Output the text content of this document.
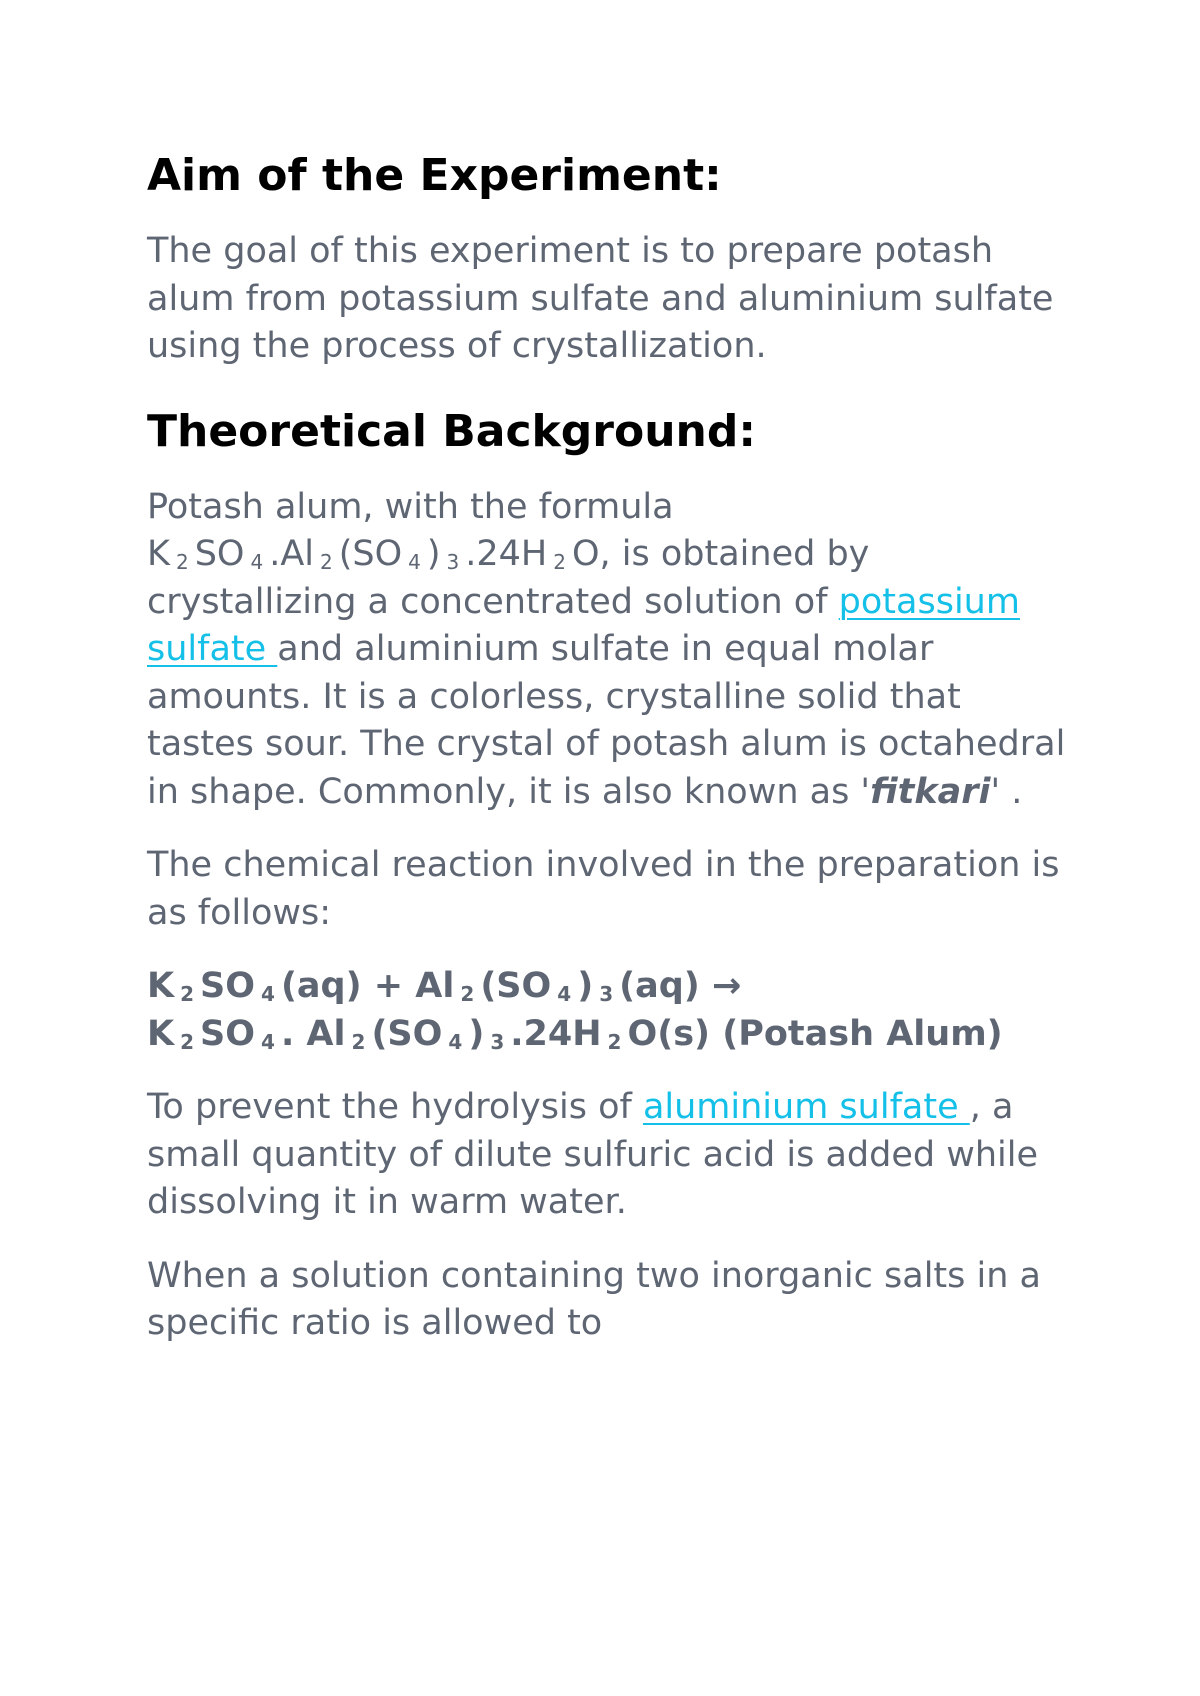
Aim of the Experiment:

The goal of this experiment is to prepare potash alum from potassium sulfate and aluminium sulfate using the process of crystallization.

Theoretical Background:

Potash alum, with the formula
K $_2$ SO $_4$ .Al $_2$ (SO $_4$ ) $_3$ .24H $_2$ O, is obtained by crystallizing a concentrated solution of potassium sulfate and aluminium sulfate in equal molar amounts. It is a colorless, crystalline solid that tastes sour. The crystal of potash alum is octahedral in shape. Commonly, it is also known as 'fitkari' .

The chemical reaction involved in the preparation is as follows:

K $_2$ SO $_4$ (aq) + Al $_2$ (SO $_4$ ) $_3$ (aq) →
K $_2$ SO $_4$ . Al $_2$ (SO $_4$ ) $_3$ .24H $_2$ O(s) (Potash Alum)

To prevent the hydrolysis of aluminium sulfate , a small quantity of dilute sulfuric acid is added while dissolving it in warm water.

When a solution containing two inorganic salts in a specific ratio is allowed to
